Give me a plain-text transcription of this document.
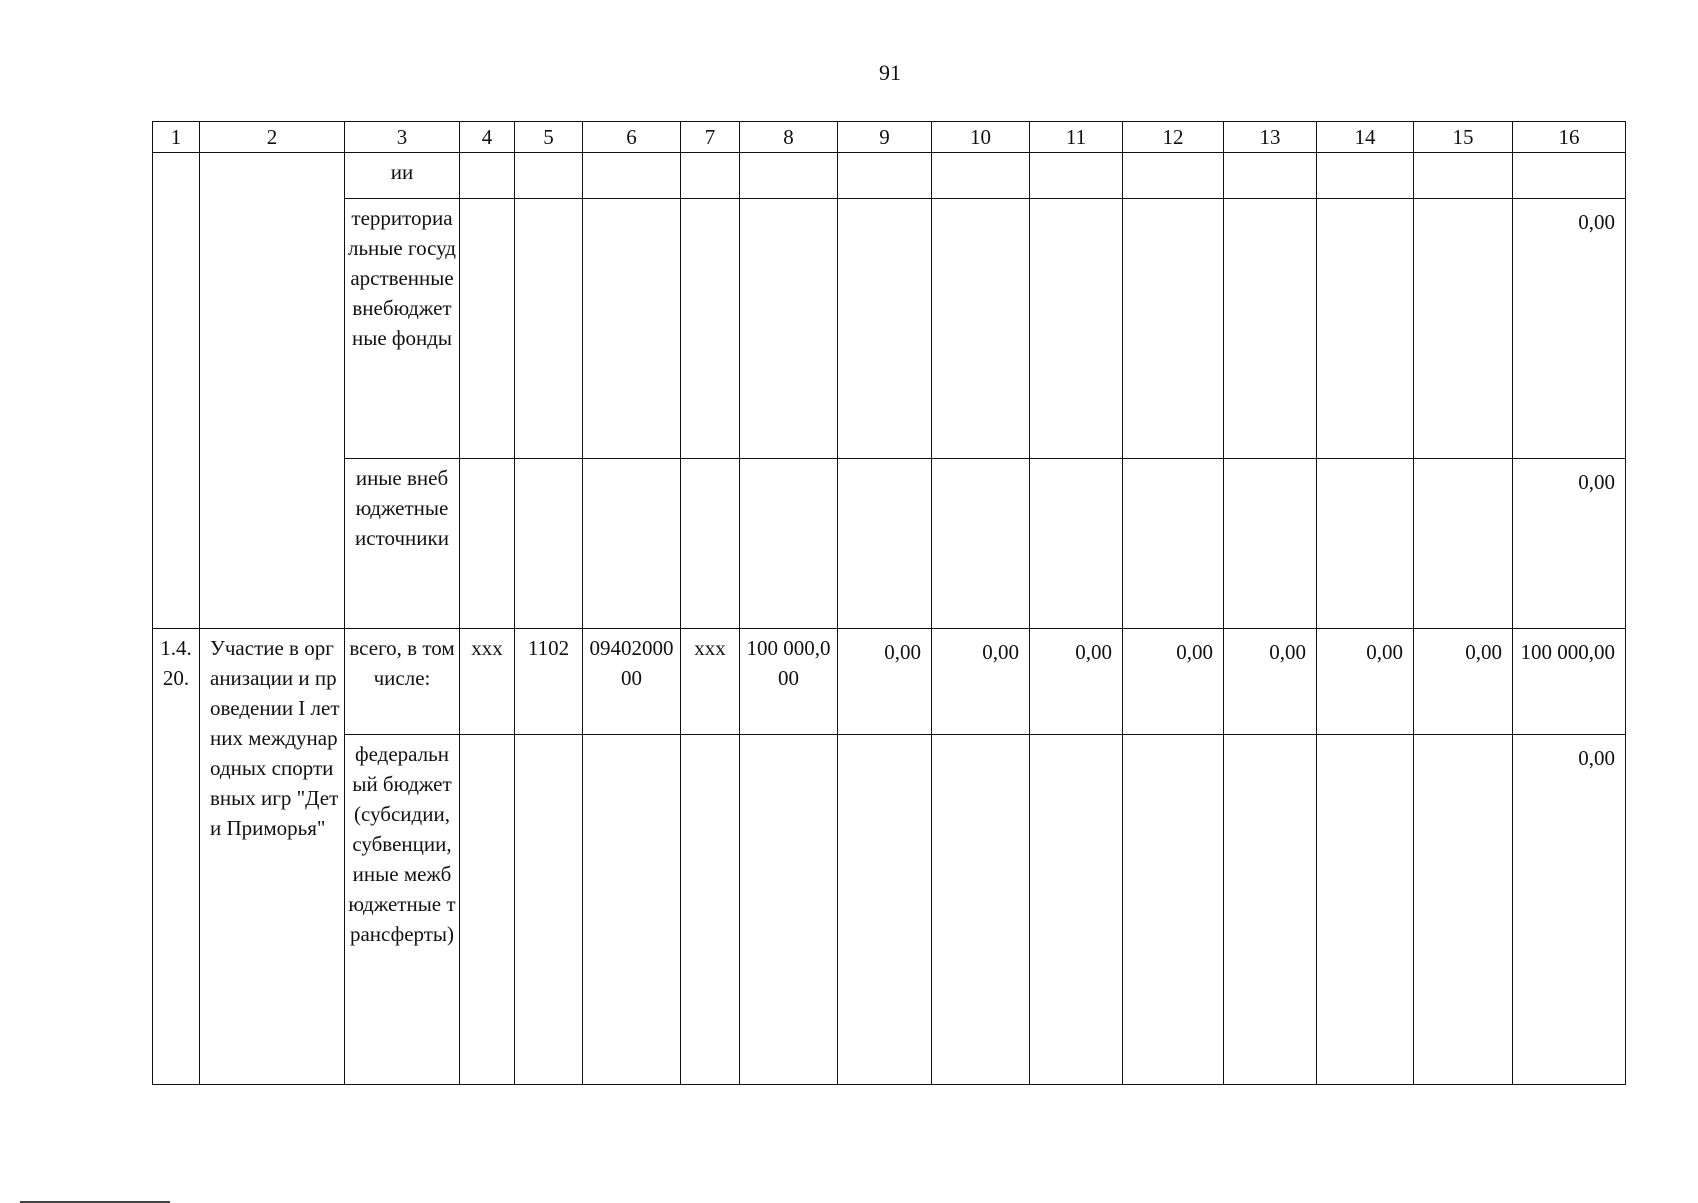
91
1	2	3	4	5	6	7	8	9	10	11	12	13	14	15	16
		ии													
		территориальные государственные внебюджетные фонды													0,00
		иные внебюджетные источники													0,00
1.4.20.	Участие в организации и проведении I летних международных спортивных игр "Дети Приморья"	всего, в том числе:	xxx	1102	0940200000	xxx	100 000,000	0,00	0,00	0,00	0,00	0,00	0,00	0,00	100 000,00
		федеральный бюджет (субсидии, субвенции, иные межбюджетные трансферты)													0,00
